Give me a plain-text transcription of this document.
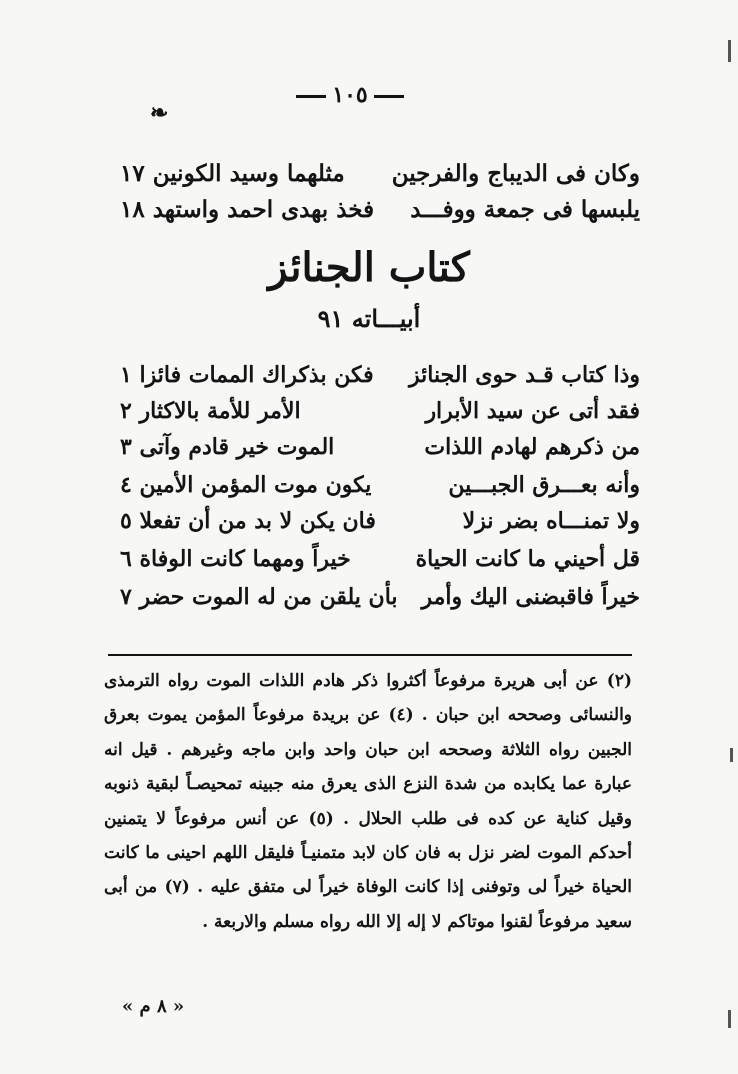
١٠٥
❧
وكان فى الديباج والفرجين
مثلهما وسيد الكونين ١٧
يلبسها فى جمعة ووفـــد
فخذ بهدى احمد واستهد ١٨
كتاب الجنائز
أبيـــاته ٩١
وذا كتاب قـد حوى الجنائز
فكن بذكراك الممات فائزا ١
فقد أتى عن سيد الأبرار
الأمر للأمة بالاكثار ٢
من ذكرهم لهادم اللذات
الموت خير قادم وآتى ٣
وأنه بعـــرق الجبـــين
يكون موت المؤمن الأمين ٤
ولا تمنـــاه بضر نزلا
فان يكن لا بد من أن تفعلا ٥
قل أحيني ما كانت الحياة
خيراً ومهما كانت الوفاة ٦
خيراً فاقبضنى اليك وأمر
بأن يلقن من له الموت حضر ٧

(٢) عن أبى هريرة مرفوعاً أكثروا ذكر هادم اللذات الموت رواه الترمذى

والنسائى وصححه ابن حبان . (٤) عن بريدة مرفوعاً المؤمن يموت بعرق

الجبين رواه الثلاثة وصححه ابن حبان واحد وابن ماجه وغيرهم . قيل انه

عبارة عما يكابده من شدة النزع الذى يعرق منه جبينه تمحيصـاً لبقية ذنوبه

وقيل كناية عن كده فى طلب الحلال . (٥) عن أنس مرفوعاً لا يتمنين

أحدكم الموت لضر نزل به فان كان لابد متمنيـاً فليقل اللهم احينى ما كانت

الحياة خيراً لى وتوفنى إذا كانت الوفاة خيراً لى متفق عليه . (٧) من أبى

سعيد مرفوعاً لقنوا موتاكم لا إله إلا الله رواه مسلم والاربعة .

« ٨ م »
